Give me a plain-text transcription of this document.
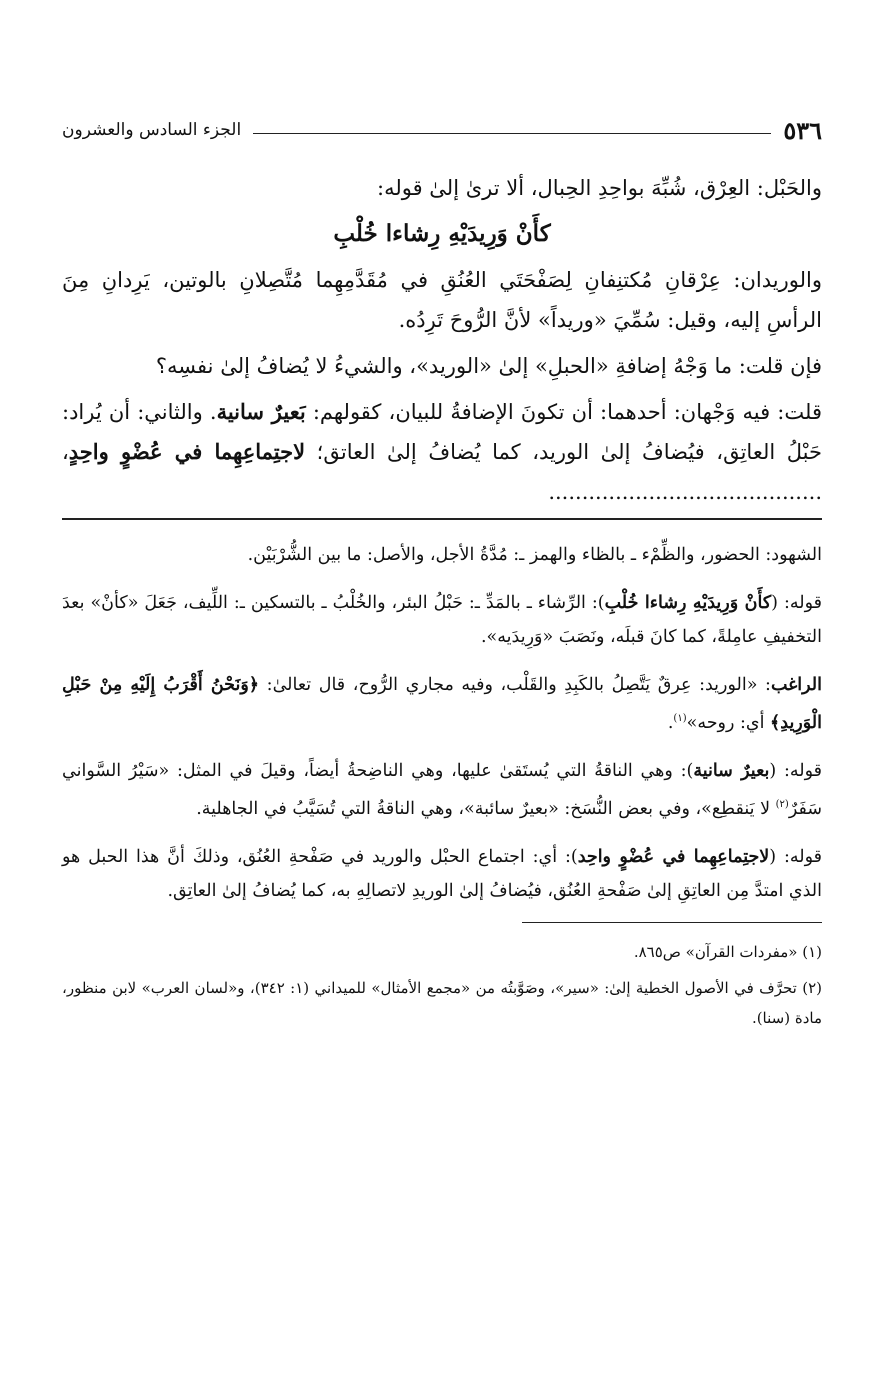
٥٣٦
الجزء السادس والعشرون

والحَبْل: العِرْق، شُبِّهَ بواحِدِ الحِبال، ألا ترىٰ إلىٰ قوله:

كأَنْ وَرِيدَيْهِ رِشاءا خُلْبِ

والوريدان: عِرْقانِ مُكتنِفانِ لِصَفْحَتَي العُنُقِ في مُقَدَّمِهِما مُتَّصِلانِ بالوتين، يَرِدانِ مِنَ الرأسِ إليه، وقيل: سُمِّيَ «وريداً» لأنَّ الرُّوحَ تَرِدُه.

فإن قلت: ما وَجْهُ إضافةِ «الحبلِ» إلىٰ «الوريد»، والشيءُ لا يُضافُ إلىٰ نفسِه؟

قلت: فيه وَجْهان: أحدهما: أن تكونَ الإضافةُ للبيان، كقولهم: بَعيرٌ سانية. والثاني: أن يُراد: حَبْلُ العاتِق، فيُضافُ إلىٰ الوريد، كما يُضافُ إلىٰ العاتق؛ لاجتِماعِهِما في عُضْوٍ واحِدٍ، .........................................

الشهود: الحضور، والظِّمْء ـ بالظاء والهمز ـ: مُدَّةُ الأجل، والأصل: ما بين الشُّرْبَيْن.

قوله: (كأَنْ وَرِيدَيْهِ رِشاءا خُلْبِ): الرِّشاء ـ بالمَدِّ ـ: حَبْلُ البئر، والخُلْبُ ـ بالتسكين ـ: اللِّيف، جَعَلَ «كأنْ» بعدَ التخفيفِ عامِلةً، كما كانَ قبلَه، ونَصَبَ «وَرِيدَيه».

الراغب: «الوريد: عِرقٌ يَتَّصِلُ بالكَبِدِ والقَلْب، وفيه مجاري الرُّوح، قال تعالىٰ: ﴿وَنَحْنُ أَقْرَبُ إِلَيْهِ مِنْ حَبْلِ الْوَرِيدِ﴾ أي: روحه»$^{(١)}$.

قوله: (بعيرٌ سانية): وهي الناقةُ التي يُستَقىٰ عليها، وهي الناضِحةُ أيضاً، وقيلَ في المثل: «سَيْرُ السَّواني سَفَرٌ$^{(٢)}$ لا يَنقطِع»، وفي بعض النُّسَخ: «بعيرٌ سائبة»، وهي الناقةُ التي تُسَيَّبُ في الجاهلية.

قوله: (لاجتِماعِهِما في عُضْوٍ واحِد): أي: اجتماع الحبْل والوريد في صَفْحةِ العُنُق، وذلكَ أنَّ هذا الحبل هو الذي امتدَّ مِن العاتِقِ إلىٰ صَفْحةِ العُنُق، فيُضافُ إلىٰ الوريدِ لاتصالِهِ به، كما يُضافُ إلىٰ العاتِق.

(١) «مفردات القرآن» ص٨٦٥.

(٢) تحرَّف في الأصول الخطية إلىٰ: «سير»، وصَوَّبتُه من «مجمع الأمثال» للميداني (١: ٣٤٢)، و«لسان العرب» لابن منظور، مادة (سنا).
